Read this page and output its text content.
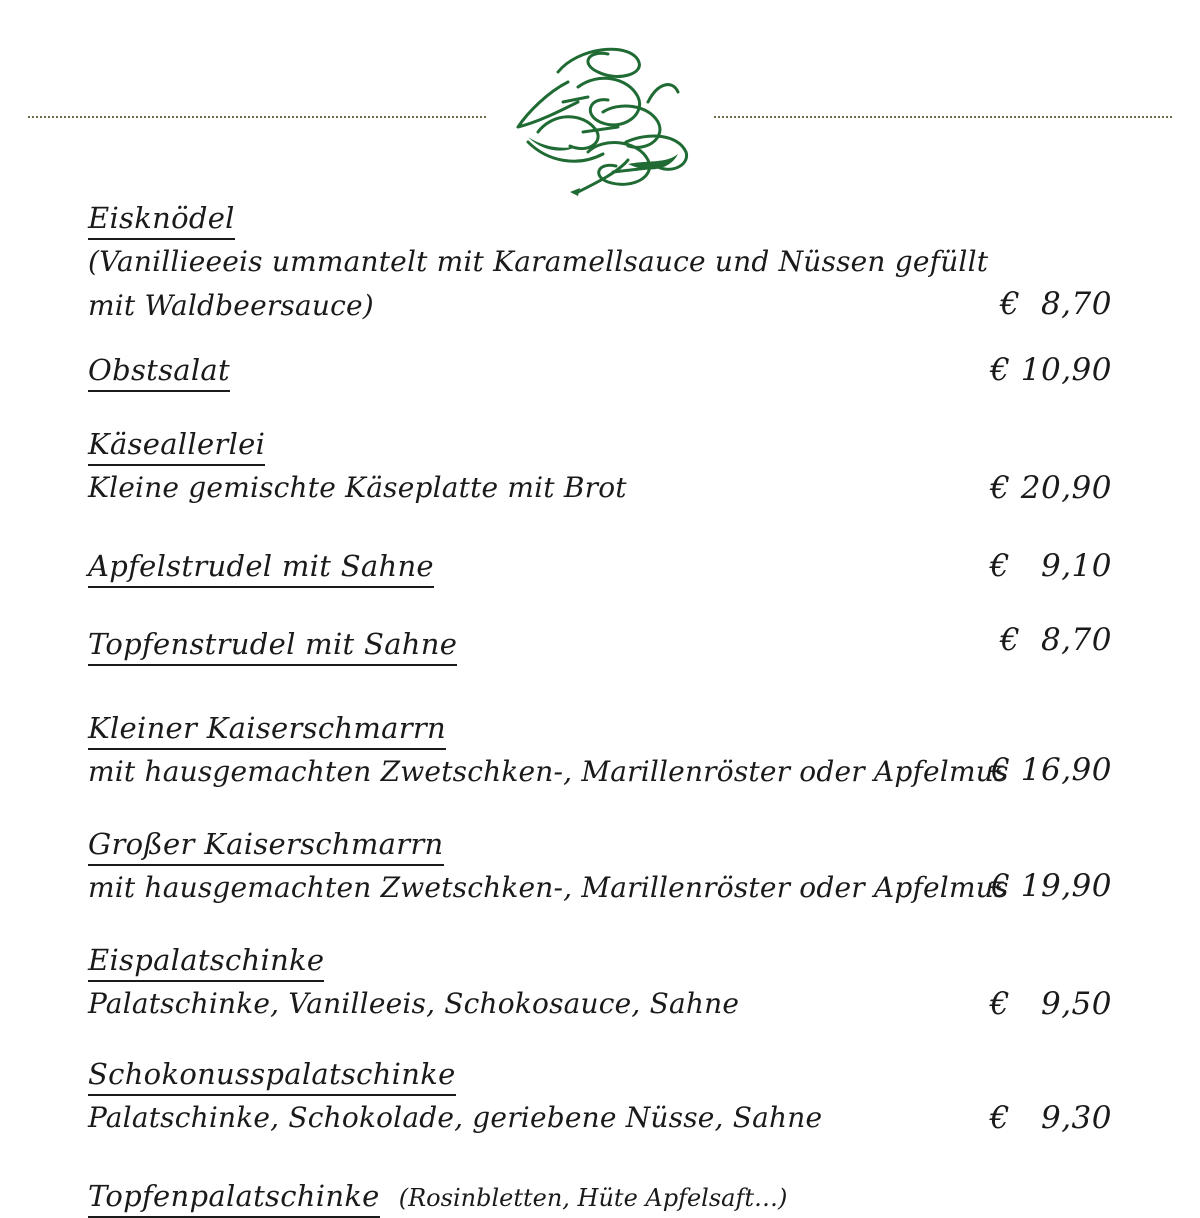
Eisknödel
(Vanillieeeis ummantelt mit Karamellsauce und Nüssen gefüllt
mit Waldbeersauce)	€  8,70
Obstsalat	€ 10,90
Käseallerlei
Kleine gemischte Käseplatte mit Brot	€ 20,90
Apfelstrudel mit Sahne	€   9,10
Topfenstrudel mit Sahne	€  8,70
Kleiner Kaiserschmarrn
mit hausgemachten Zwetschken-, Marillenröster oder Apfelmus
€ 16,90
Großer Kaiserschmarrn
mit hausgemachten Zwetschken-, Marillenröster oder Apfelmus
€ 19,90
Eispalatschinke
Palatschinke, Vanilleeis, Schokosauce, Sahne	€   9,50
Schokonusspalatschinke
Palatschinke, Schokolade, geriebene Nüsse, Sahne	€   9,30
Topfenpalatschinke (Rosinbletten, Hüte Apfelsaft…)
